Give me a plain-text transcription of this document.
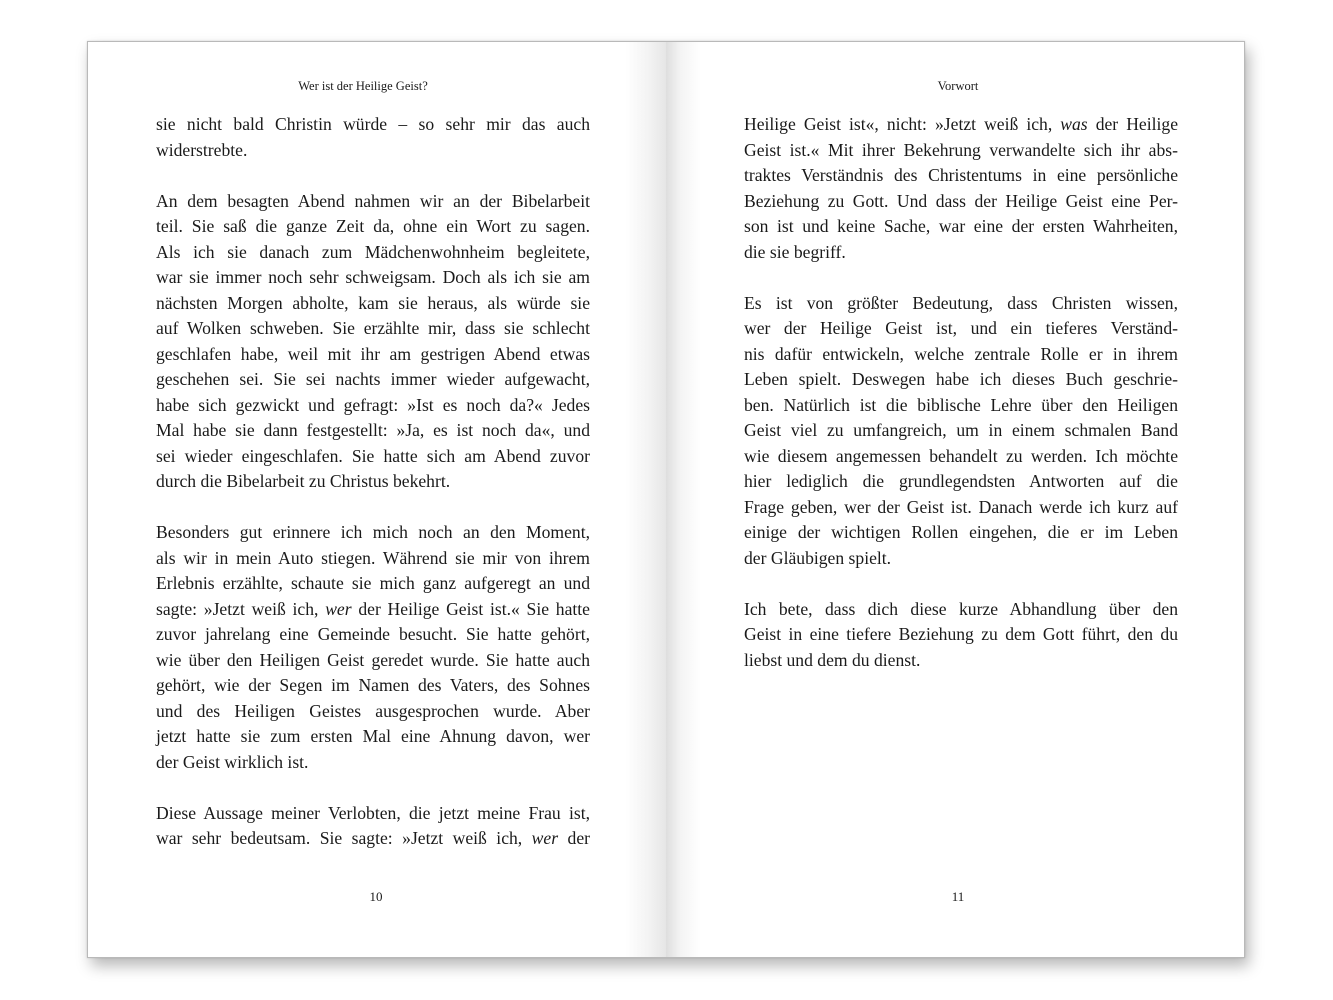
Wer ist der Heilige Geist?
sie nicht bald Christin würde – so sehr mir das auch
widerstrebte.
An dem besagten Abend nahmen wir an der Bibelarbeit
teil. Sie saß die ganze Zeit da, ohne ein Wort zu sagen.
Als ich sie danach zum Mädchenwohnheim begleitete,
war sie immer noch sehr schweigsam. Doch als ich sie am
nächsten Morgen abholte, kam sie heraus, als würde sie
auf Wolken schweben. Sie erzählte mir, dass sie schlecht
geschlafen habe, weil mit ihr am gestrigen Abend etwas
geschehen sei. Sie sei nachts immer wieder aufgewacht,
habe sich gezwickt und gefragt: »Ist es noch da?« Jedes
Mal habe sie dann festgestellt: »Ja, es ist noch da«, und
sei wieder eingeschlafen. Sie hatte sich am Abend zuvor
durch die Bibelarbeit zu Christus bekehrt.
Besonders gut erinnere ich mich noch an den Moment,
als wir in mein Auto stiegen. Während sie mir von ihrem
Erlebnis erzählte, schaute sie mich ganz aufgeregt an und
sagte: »Jetzt weiß ich, wer der Heilige Geist ist.« Sie hatte
zuvor jahrelang eine Gemeinde besucht. Sie hatte gehört,
wie über den Heiligen Geist geredet wurde. Sie hatte auch
gehört, wie der Segen im Namen des Vaters, des Sohnes
und des Heiligen Geistes ausgesprochen wurde. Aber
jetzt hatte sie zum ersten Mal eine Ahnung davon, wer
der Geist wirklich ist.
Diese Aussage meiner Verlobten, die jetzt meine Frau ist,
war sehr bedeutsam. Sie sagte: »Jetzt weiß ich, wer der
10
Vorwort
Heilige Geist ist«, nicht: »Jetzt weiß ich, was der Heilige
Geist ist.« Mit ihrer Bekehrung verwandelte sich ihr abs-
traktes Verständnis des Christentums in eine persönliche
Beziehung zu Gott. Und dass der Heilige Geist eine Per-
son ist und keine Sache, war eine der ersten Wahrheiten,
die sie begriff.
Es ist von größter Bedeutung, dass Christen wissen,
wer der Heilige Geist ist, und ein tieferes Verständ-
nis dafür entwickeln, welche zentrale Rolle er in ihrem
Leben spielt. Deswegen habe ich dieses Buch geschrie-
ben. Natürlich ist die biblische Lehre über den Heiligen
Geist viel zu umfangreich, um in einem schmalen Band
wie diesem angemessen behandelt zu werden. Ich möchte
hier lediglich die grundlegendsten Antworten auf die
Frage geben, wer der Geist ist. Danach werde ich kurz auf
einige der wichtigen Rollen eingehen, die er im Leben
der Gläubigen spielt.
Ich bete, dass dich diese kurze Abhandlung über den
Geist in eine tiefere Beziehung zu dem Gott führt, den du
liebst und dem du dienst.
11
